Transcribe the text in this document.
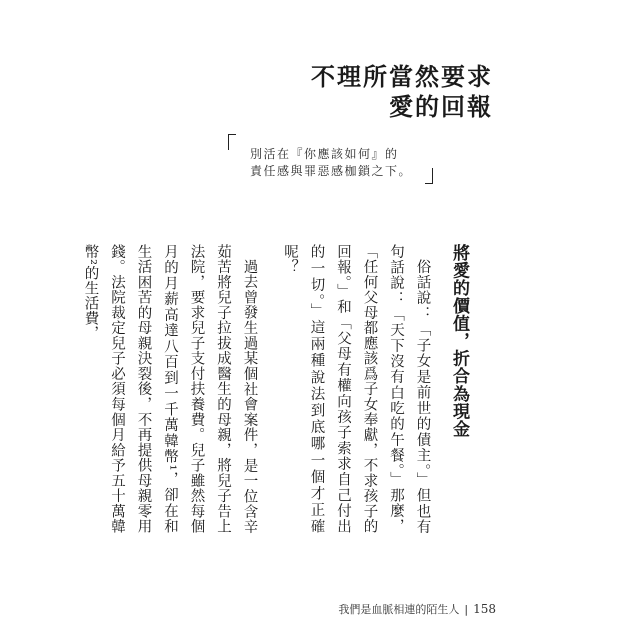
不理所當然要求
愛的回報
別活在『你應該如何』的
責任感與罪惡感枷鎖之下。
將愛的價值，折合為現金

俗話說：「子女是前世的債主。」但也有句話說：「天下沒有白吃的午餐。」那麼，「任何父母都應該爲子女奉獻，不求孩子的回報。」和「父母有權向孩子索求自己付出的一切。」這兩種說法到底哪一個才正確呢？

過去曾發生過某個社會案件，是一位含辛茹苦將兒子拉拔成醫生的母親，將兒子告上法院，要求兒子支付扶養費。兒子雖然每個月的月薪高達八百到一千萬韓幣¹，卻在和生活困苦的母親決裂後，不再提供母親零用錢。法院裁定兒子必須每個月給予五十萬韓幣²的生活費，

我們是血脈相連的陌生人 | 158
